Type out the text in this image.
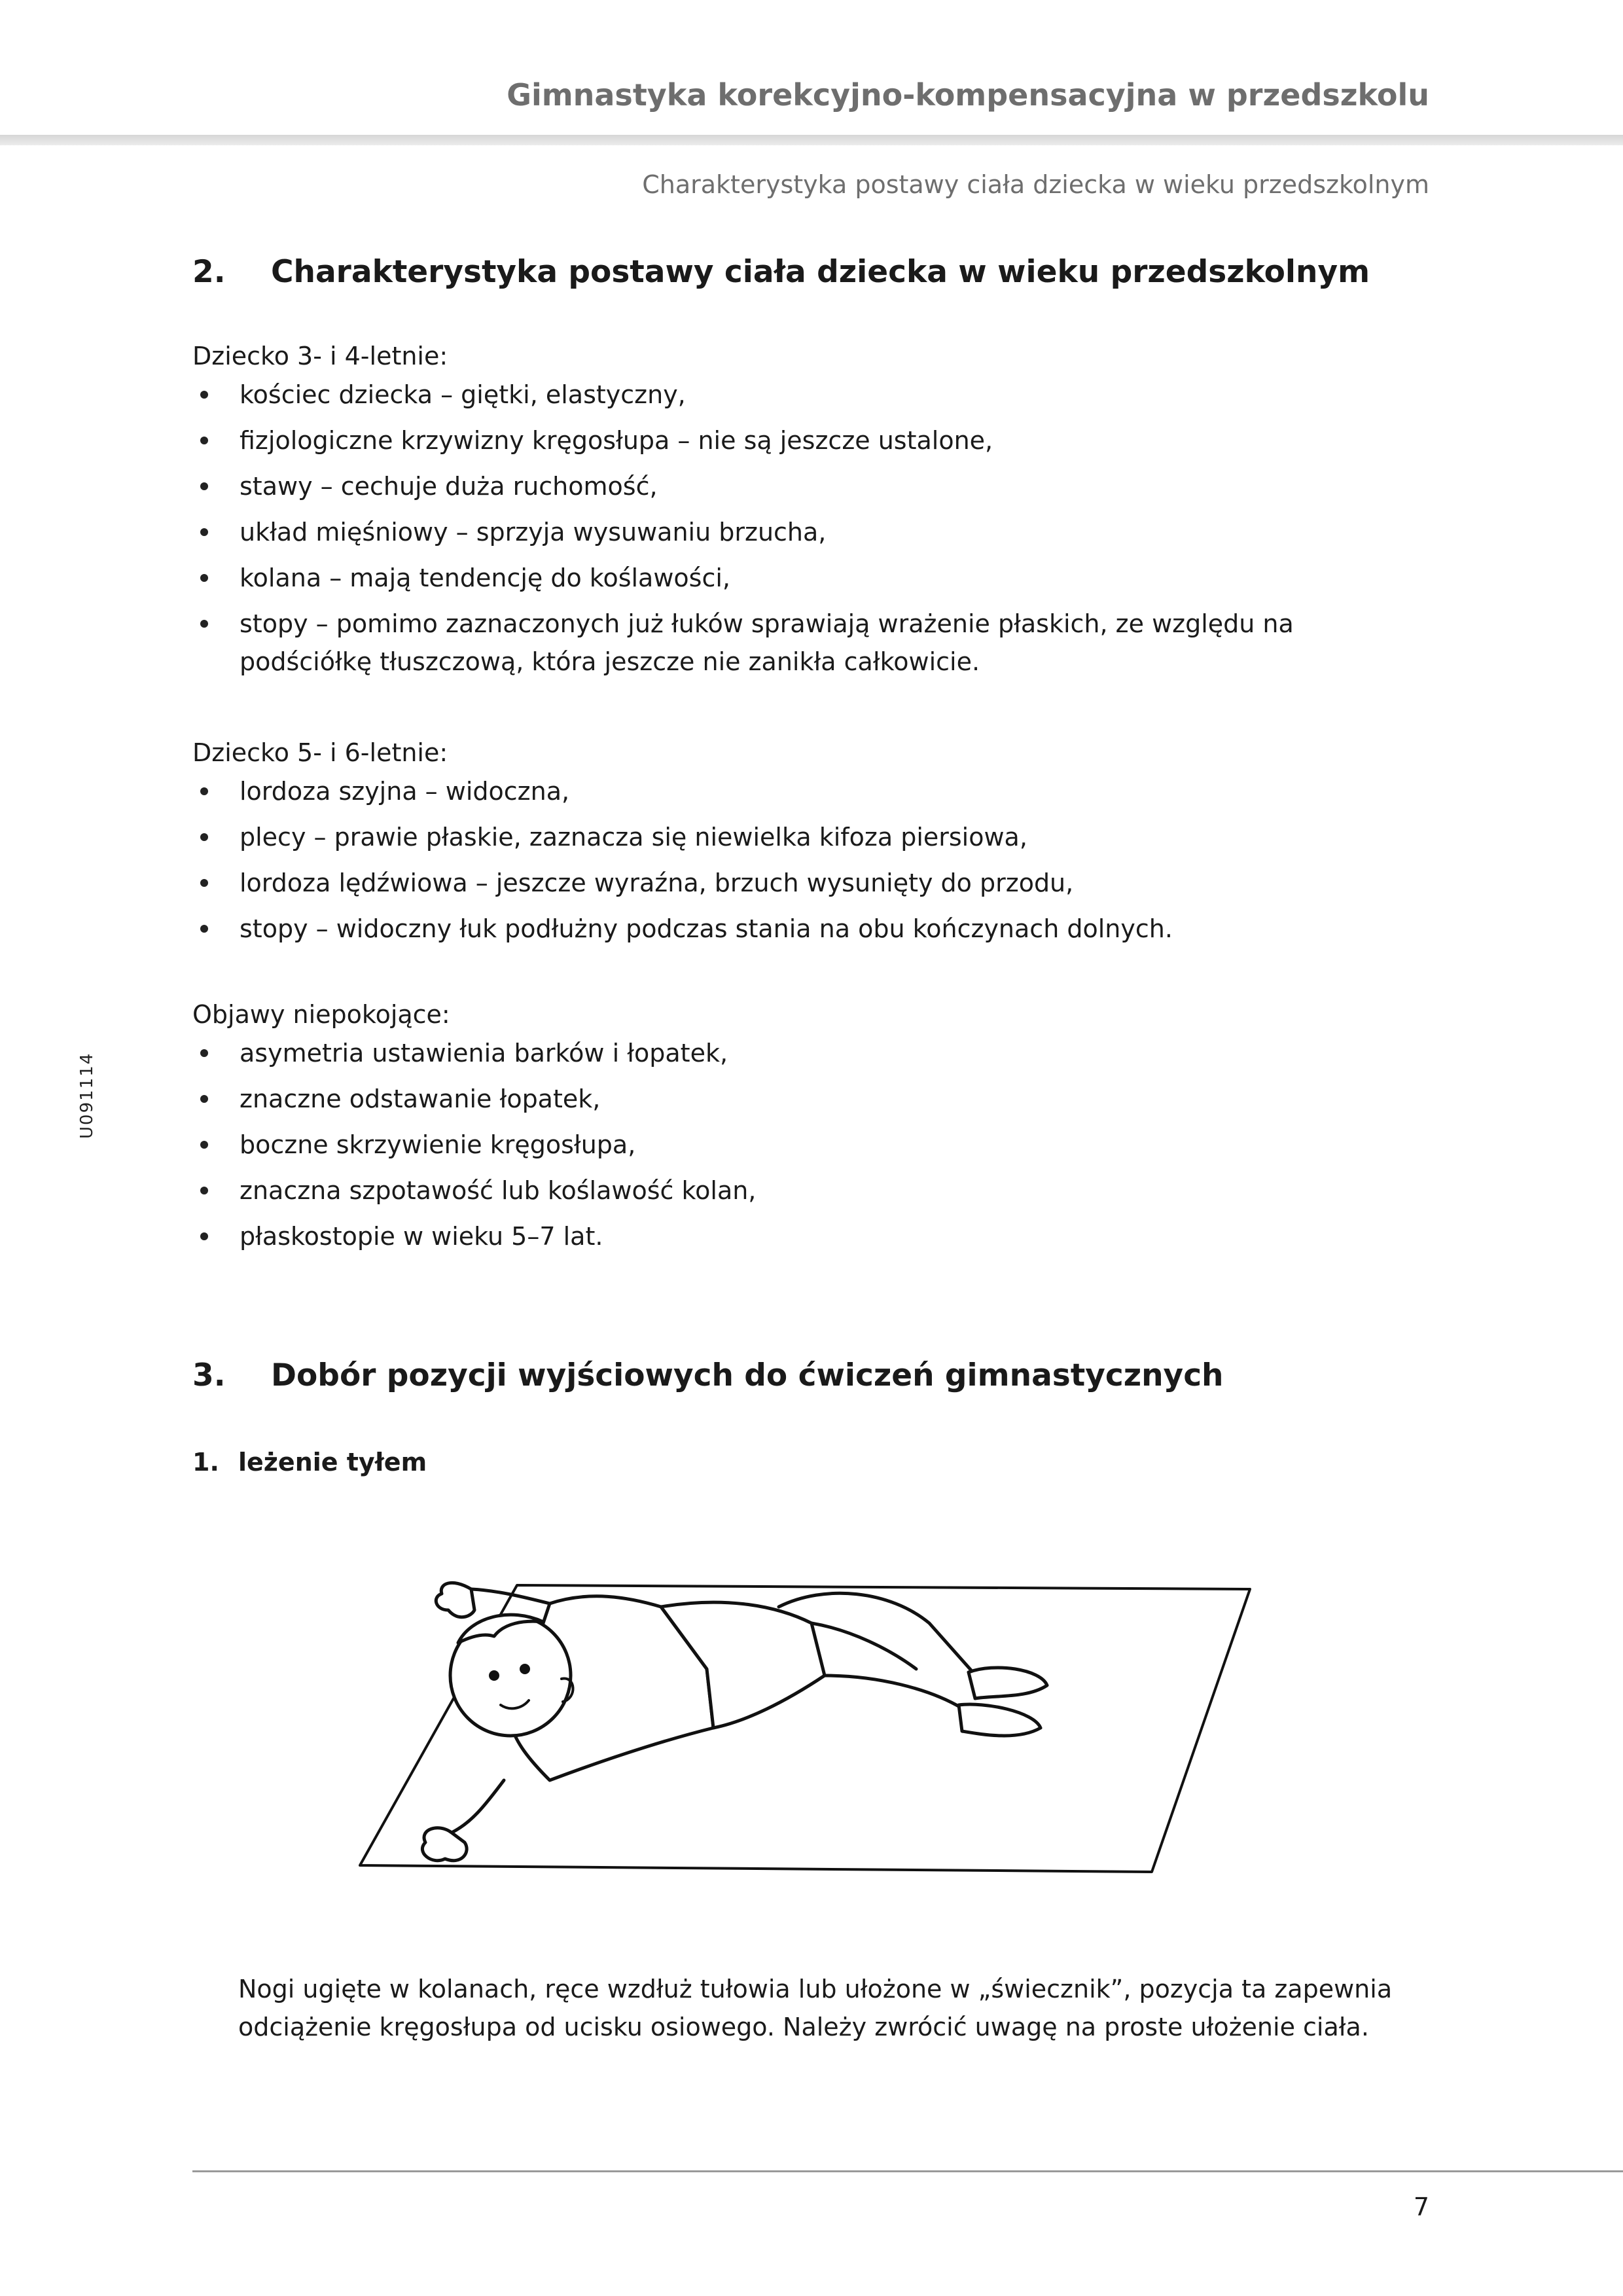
Gimnastyka korekcyjno-kompensacyjna w przedszkolu

Charakterystyka postawy ciała dziecka w wieku przedszkolnym

U091114
2.	Charakterystyka postawy ciała dziecka w wieku przedszkolnym

Dziecko 3- i 4-letnie:

kościec dziecka – giętki, elastyczny,
fizjologiczne krzywizny kręgosłupa – nie są jeszcze ustalone,
stawy – cechuje duża ruchomość,
układ mięśniowy – sprzyja wysuwaniu brzucha,
kolana – mają tendencję do koślawości,
stopy – pomimo zaznaczonych już łuków sprawiają wrażenie płaskich, ze względu na podściółkę tłuszczową, która jeszcze nie zanikła całkowicie.

Dziecko 5- i 6-letnie:

lordoza szyjna – widoczna,
plecy – prawie płaskie, zaznacza się niewielka kifoza piersiowa,
lordoza lędźwiowa – jeszcze wyraźna, brzuch wysunięty do przodu,
stopy – widoczny łuk podłużny podczas stania na obu kończynach dolnych.

Objawy niepokojące:

asymetria ustawienia barków i łopatek,
znaczne odstawanie łopatek,
boczne skrzywienie kręgosłupa,
znaczna szpotawość lub koślawość kolan,
płaskostopie w wieku 5–7 lat.
3.	Dobór pozycji wyjściowych do ćwiczeń gimnastycznych
1. leżenie tyłem

Nogi ugięte w kolanach, ręce wzdłuż tułowia lub ułożone w „świecznik”, pozycja ta zapewnia odciążenie kręgosłupa od ucisku osiowego. Należy zwrócić uwagę na proste ułożenie ciała.

7
